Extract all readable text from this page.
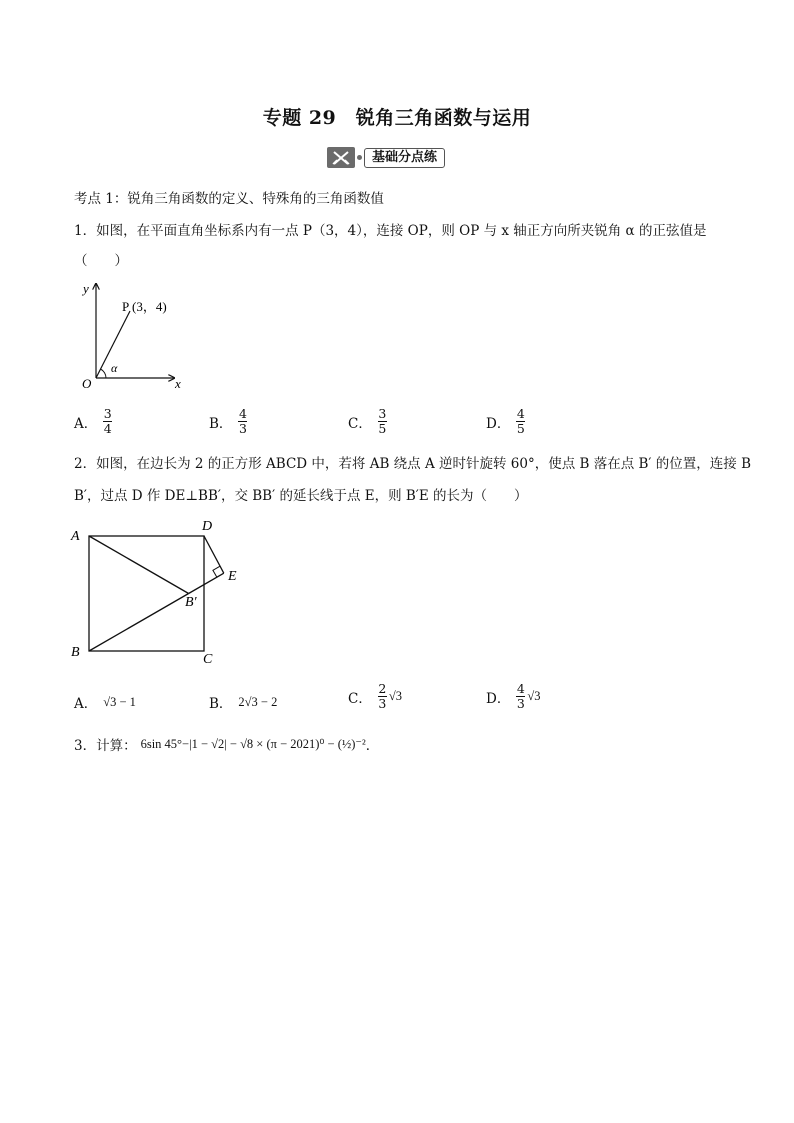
专题 29　锐角三角函数与运用
基础分点练
考点 1：锐角三角函数的定义、特殊角的三角函数值
1．如图，在平面直角坐标系内有一点 P（3，4），连接 OP，则 OP 与 x 轴正方向所夹锐角 α 的正弦值是
（　　）
y
x
O
α
P (3，4)
A． $\frac{3}{4}$	B． $\frac{4}{3}$	C． $\frac{3}{5}$	D． $\frac{4}{5}$
2．如图，在边长为 2 的正方形 ABCD 中，若将 AB 绕点 A 逆时针旋转 60°，使点 B 落在点 B′ 的位置，连接 B
B′，过点 D 作 DE⊥BB′，交 BB′ 的延长线于点 E，则 B′E 的长为（　　）
A
D
B	C
E
B′
A． √3 − 1	B． 2√3 − 2	C． $\frac{2}{3} √3$	D． $\frac{4}{3} √3$
3．计算： 6sin 45°−|1 − √2| − √8 × (π − 2021)⁰ − (½)⁻² ．
